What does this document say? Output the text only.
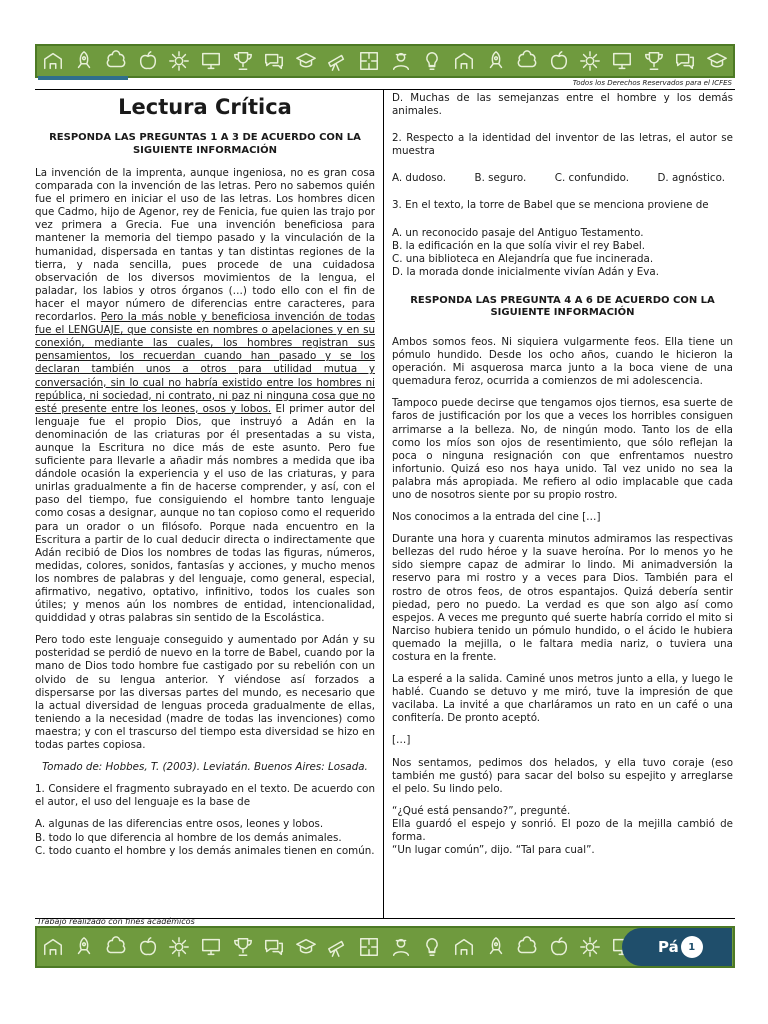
Todos los Derechos Reservados para el ICFES
Lectura Crítica
RESPONDA LAS PREGUNTAS 1 A 3 DE ACUERDO CON LA SIGUIENTE INFORMACIÓN

La invención de la imprenta, aunque ingeniosa, no es gran cosa comparada con la invención de las letras. Pero no sabemos quién fue el primero en iniciar el uso de las letras. Los hombres dicen que Cadmo, hijo de Agenor, rey de Fenicia, fue quien las trajo por vez primera a Grecia. Fue una invención beneficiosa para mantener la memoria del tiempo pasado y la vinculación de la humanidad, dispersada en tantas y tan distintas regiones de la tierra, y nada sencilla, pues procede de una cuidadosa observación de los diversos movimientos de la lengua, el paladar, los labios y otros órganos (…) todo ello con el fin de hacer el mayor número de diferencias entre caracteres, para recordarlos. Pero la más noble y beneficiosa invención de todas fue el LENGUAJE, que consiste en nombres o apelaciones y en su conexión, mediante las cuales, los hombres registran sus pensamientos, los recuerdan cuando han pasado y se los declaran también unos a otros para utilidad mutua y conversación, sin lo cual no habría existido entre los hombres ni república, ni sociedad, ni contrato, ni paz ni ninguna cosa que no esté presente entre los leones, osos y lobos. El primer autor del lenguaje fue el propio Dios, que instruyó a Adán en la denominación de las criaturas por él presentadas a su vista, aunque la Escritura no dice más de este asunto. Pero fue suficiente para llevarle a añadir más nombres a medida que iba dándole ocasión la experiencia y el uso de las criaturas, y para unirlas gradualmente a fin de hacerse comprender, y así, con el paso del tiempo, fue consiguiendo el hombre tanto lenguaje como cosas a designar, aunque no tan copioso como el requerido para un orador o un filósofo. Porque nada encuentro en la Escritura a partir de lo cual deducir directa o indirectamente que Adán recibió de Dios los nombres de todas las figuras, números, medidas, colores, sonidos, fantasías y acciones, y mucho menos los nombres de palabras y del lenguaje, como general, especial, afirmativo, negativo, optativo, infinitivo, todos los cuales son útiles; y menos aún los nombres de entidad, intencionalidad, quiddidad y otras palabras sin sentido de la Escolástica.

Pero todo este lenguaje conseguido y aumentado por Adán y su posteridad se perdió de nuevo en la torre de Babel, cuando por la mano de Dios todo hombre fue castigado por su rebelión con un olvido de su lengua anterior. Y viéndose así forzados a dispersarse por las diversas partes del mundo, es necesario que la actual diversidad de lenguas proceda gradualmente de ellas, teniendo a la necesidad (madre de todas las invenciones) como maestra; y con el trascurso del tiempo esta diversidad se hizo en todas partes copiosa.

Tomado de: Hobbes, T. (2003). Leviatán. Buenos Aires: Losada.

1. Considere el fragmento subrayado en el texto. De acuerdo con el autor, el uso del lenguaje es la base de

A. algunas de las diferencias entre osos, leones y lobos.
B. todo lo que diferencia al hombre de los demás animales.
C. todo cuanto el hombre y los demás animales tienen en común.

D. Muchas de las semejanzas entre el hombre y los demás animales.

2. Respecto a la identidad del inventor de las letras, el autor se muestra

A. dudoso.	B. seguro.	C. confundido.	D. agnóstico.

3. En el texto, la torre de Babel que se menciona proviene de

A. un reconocido pasaje del Antiguo Testamento.
B. la edificación en la que solía vivir el rey Babel.
C. una biblioteca en Alejandría que fue incinerada.
D. la morada donde inicialmente vivían Adán y Eva.
RESPONDA LAS PREGUNTA 4 A 6 DE ACUERDO CON LA SIGUIENTE INFORMACIÓN

Ambos somos feos. Ni siquiera vulgarmente feos. Ella tiene un pómulo hundido. Desde los ocho años, cuando le hicieron la operación. Mi asquerosa marca junto a la boca viene de una quemadura feroz, ocurrida a comienzos de mi adolescencia.

Tampoco puede decirse que tengamos ojos tiernos, esa suerte de faros de justificación por los que a veces los horribles consiguen arrimarse a la belleza. No, de ningún modo. Tanto los de ella como los míos son ojos de resentimiento, que sólo reflejan la poca o ninguna resignación con que enfrentamos nuestro infortunio. Quizá eso nos haya unido. Tal vez unido no sea la palabra más apropiada. Me refiero al odio implacable que cada uno de nosotros siente por su propio rostro.

Nos conocimos a la entrada del cine […]

Durante una hora y cuarenta minutos admiramos las respectivas bellezas del rudo héroe y la suave heroína. Por lo menos yo he sido siempre capaz de admirar lo lindo. Mi animadversión la reservo para mi rostro y a veces para Dios. También para el rostro de otros feos, de otros espantajos. Quizá debería sentir piedad, pero no puedo. La verdad es que son algo así como espejos. A veces me pregunto qué suerte habría corrido el mito si Narciso hubiera tenido un pómulo hundido, o el ácido le hubiera quemado la mejilla, o le faltara media nariz, o tuviera una costura en la frente.

La esperé a la salida. Caminé unos metros junto a ella, y luego le hablé. Cuando se detuvo y me miró, tuve la impresión de que vacilaba. La invité a que charláramos un rato en un café o una confitería. De pronto aceptó.

[…]

Nos sentamos, pedimos dos helados, y ella tuvo coraje (eso también me gustó) para sacar del bolso su espejito y arreglarse el pelo. Su lindo pelo.

“¿Qué está pensando?”, pregunté.
Ella guardó el espejo y sonrió. El pozo de la mejilla cambió de forma.
“Un lugar común”, dijo. “Tal para cual”.
Trabajo realizado con fines académicos
Pá 1
